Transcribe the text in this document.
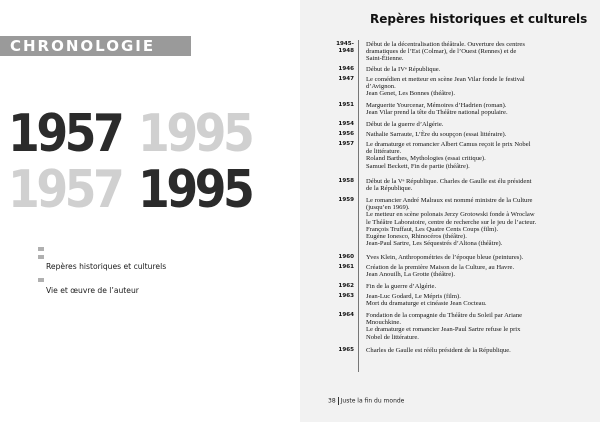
CHRONOLOGIE
1957 1995
1957 1995
Repères historiques et culturels
Vie et œuvre de l’auteur
Repères historiques et culturels
1945-
1948
Début de la décentralisation théâtrale. Ouverture des centres
dramatiques de l’Est (Colmar), de l’Ouest (Rennes) et de
Saint-Étienne.
1946 Début de la IVᵉ République.
1947 Le comédien et metteur en scène Jean Vilar fonde le festival
d’Avignon.
Jean Genet, Les Bonnes (théâtre).
1951 Marguerite Yourcenar, Mémoires d’Hadrien (roman).
Jean Vilar prend la tête du Théâtre national populaire.
1954 Début de la guerre d’Algérie.
1956 Nathalie Sarraute, L’Ère du soupçon (essai littéraire).
1957 Le dramaturge et romancier Albert Camus reçoit le prix Nobel
de littérature.
Roland Barthes, Mythologies (essai critique).
Samuel Beckett, Fin de partie (théâtre).
1958 Début de la Vᵉ République. Charles de Gaulle est élu président
de la République.
1959 Le romancier André Malraux est nommé ministre de la Culture
(jusqu’en 1969).
Le metteur en scène polonais Jerzy Grotowski fonde à Wroclaw
le Théâtre Laboratoire, centre de recherche sur le jeu de l’acteur.
François Truffaut, Les Quatre Cents Coups (film).
Eugène Ionesco, Rhinocéros (théâtre).
Jean-Paul Sartre, Les Séquestrés d’Altona (théâtre).
1960 Yves Klein, Anthropométries de l’époque bleue (peintures).
1961 Création de la première Maison de la Culture, au Havre.
Jean Anouilh, La Grotte (théâtre).
1962 Fin de la guerre d’Algérie.
1963 Jean-Luc Godard, Le Mépris (film).
Mort du dramaturge et cinéaste Jean Cocteau.
1964 Fondation de la compagnie du Théâtre du Soleil par Ariane
Mnouchkine.
Le dramaturge et romancier Jean-Paul Sartre refuse le prix
Nobel de littérature.
1965 Charles de Gaulle est réélu président de la République.
38 Juste la fin du monde
